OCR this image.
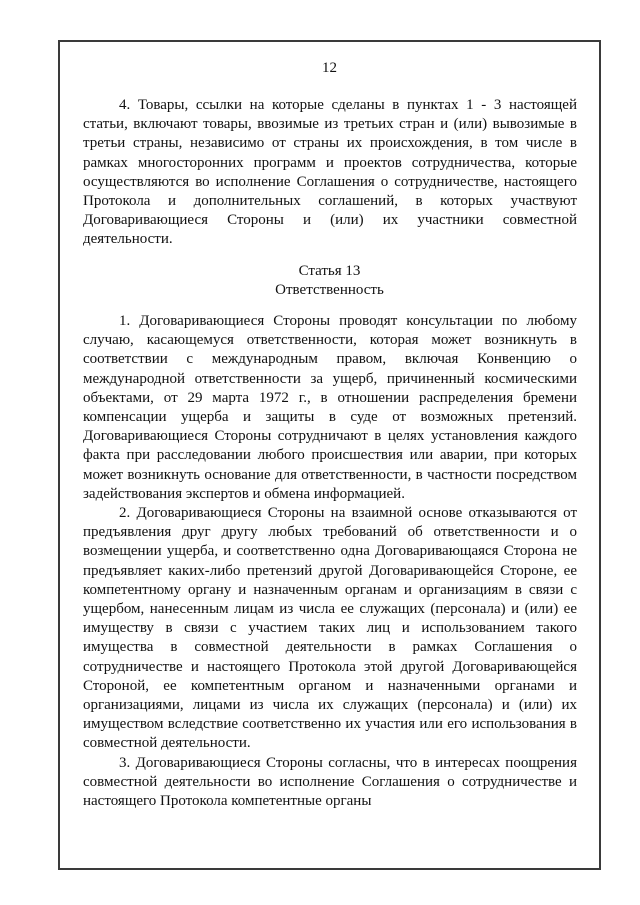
12

4. Товары, ссылки на которые сделаны в пунктах 1 - 3 настоящей статьи, включают товары, ввозимые из третьих стран и (или) вывозимые в третьи страны, независимо от страны их происхождения, в том числе в рамках многосторонних программ и проектов сотрудничества, которые осуществляются во исполнение Соглашения о сотрудничестве, настоящего Протокола и дополнительных соглашений, в которых участвуют Договаривающиеся Стороны и (или) их участники совместной деятельности.

Статья 13
Ответственность

1. Договаривающиеся Стороны проводят консультации по любому случаю, касающемуся ответственности, которая может возникнуть в соответствии с международным правом, включая Конвенцию о международной ответственности за ущерб, причиненный космическими объектами, от 29 марта 1972 г., в отношении распределения бремени компенсации ущерба и защиты в суде от возможных претензий. Договаривающиеся Стороны сотрудничают в целях установления каждого факта при расследовании любого происшествия или аварии, при которых может возникнуть основание для ответственности, в частности посредством задействования экспертов и обмена информацией.

2. Договаривающиеся Стороны на взаимной основе отказываются от предъявления друг другу любых требований об ответственности и о возмещении ущерба, и соответственно одна Договаривающаяся Сторона не предъявляет каких-либо претензий другой Договаривающейся Стороне, ее компетентному органу и назначенным органам и организациям в связи с ущербом, нанесенным лицам из числа ее служащих (персонала) и (или) ее имуществу в связи с участием таких лиц и использованием такого имущества в совместной деятельности в рамках Соглашения о сотрудничестве и настоящего Протокола этой другой Договаривающейся Стороной, ее компетентным органом и назначенными органами и организациями, лицами из числа их служащих (персонала) и (или) их имуществом вследствие соответственно их участия или его использования в совместной деятельности.

3. Договаривающиеся Стороны согласны, что в интересах поощрения совместной деятельности во исполнение Соглашения о сотрудничестве и настоящего Протокола компетентные органы
